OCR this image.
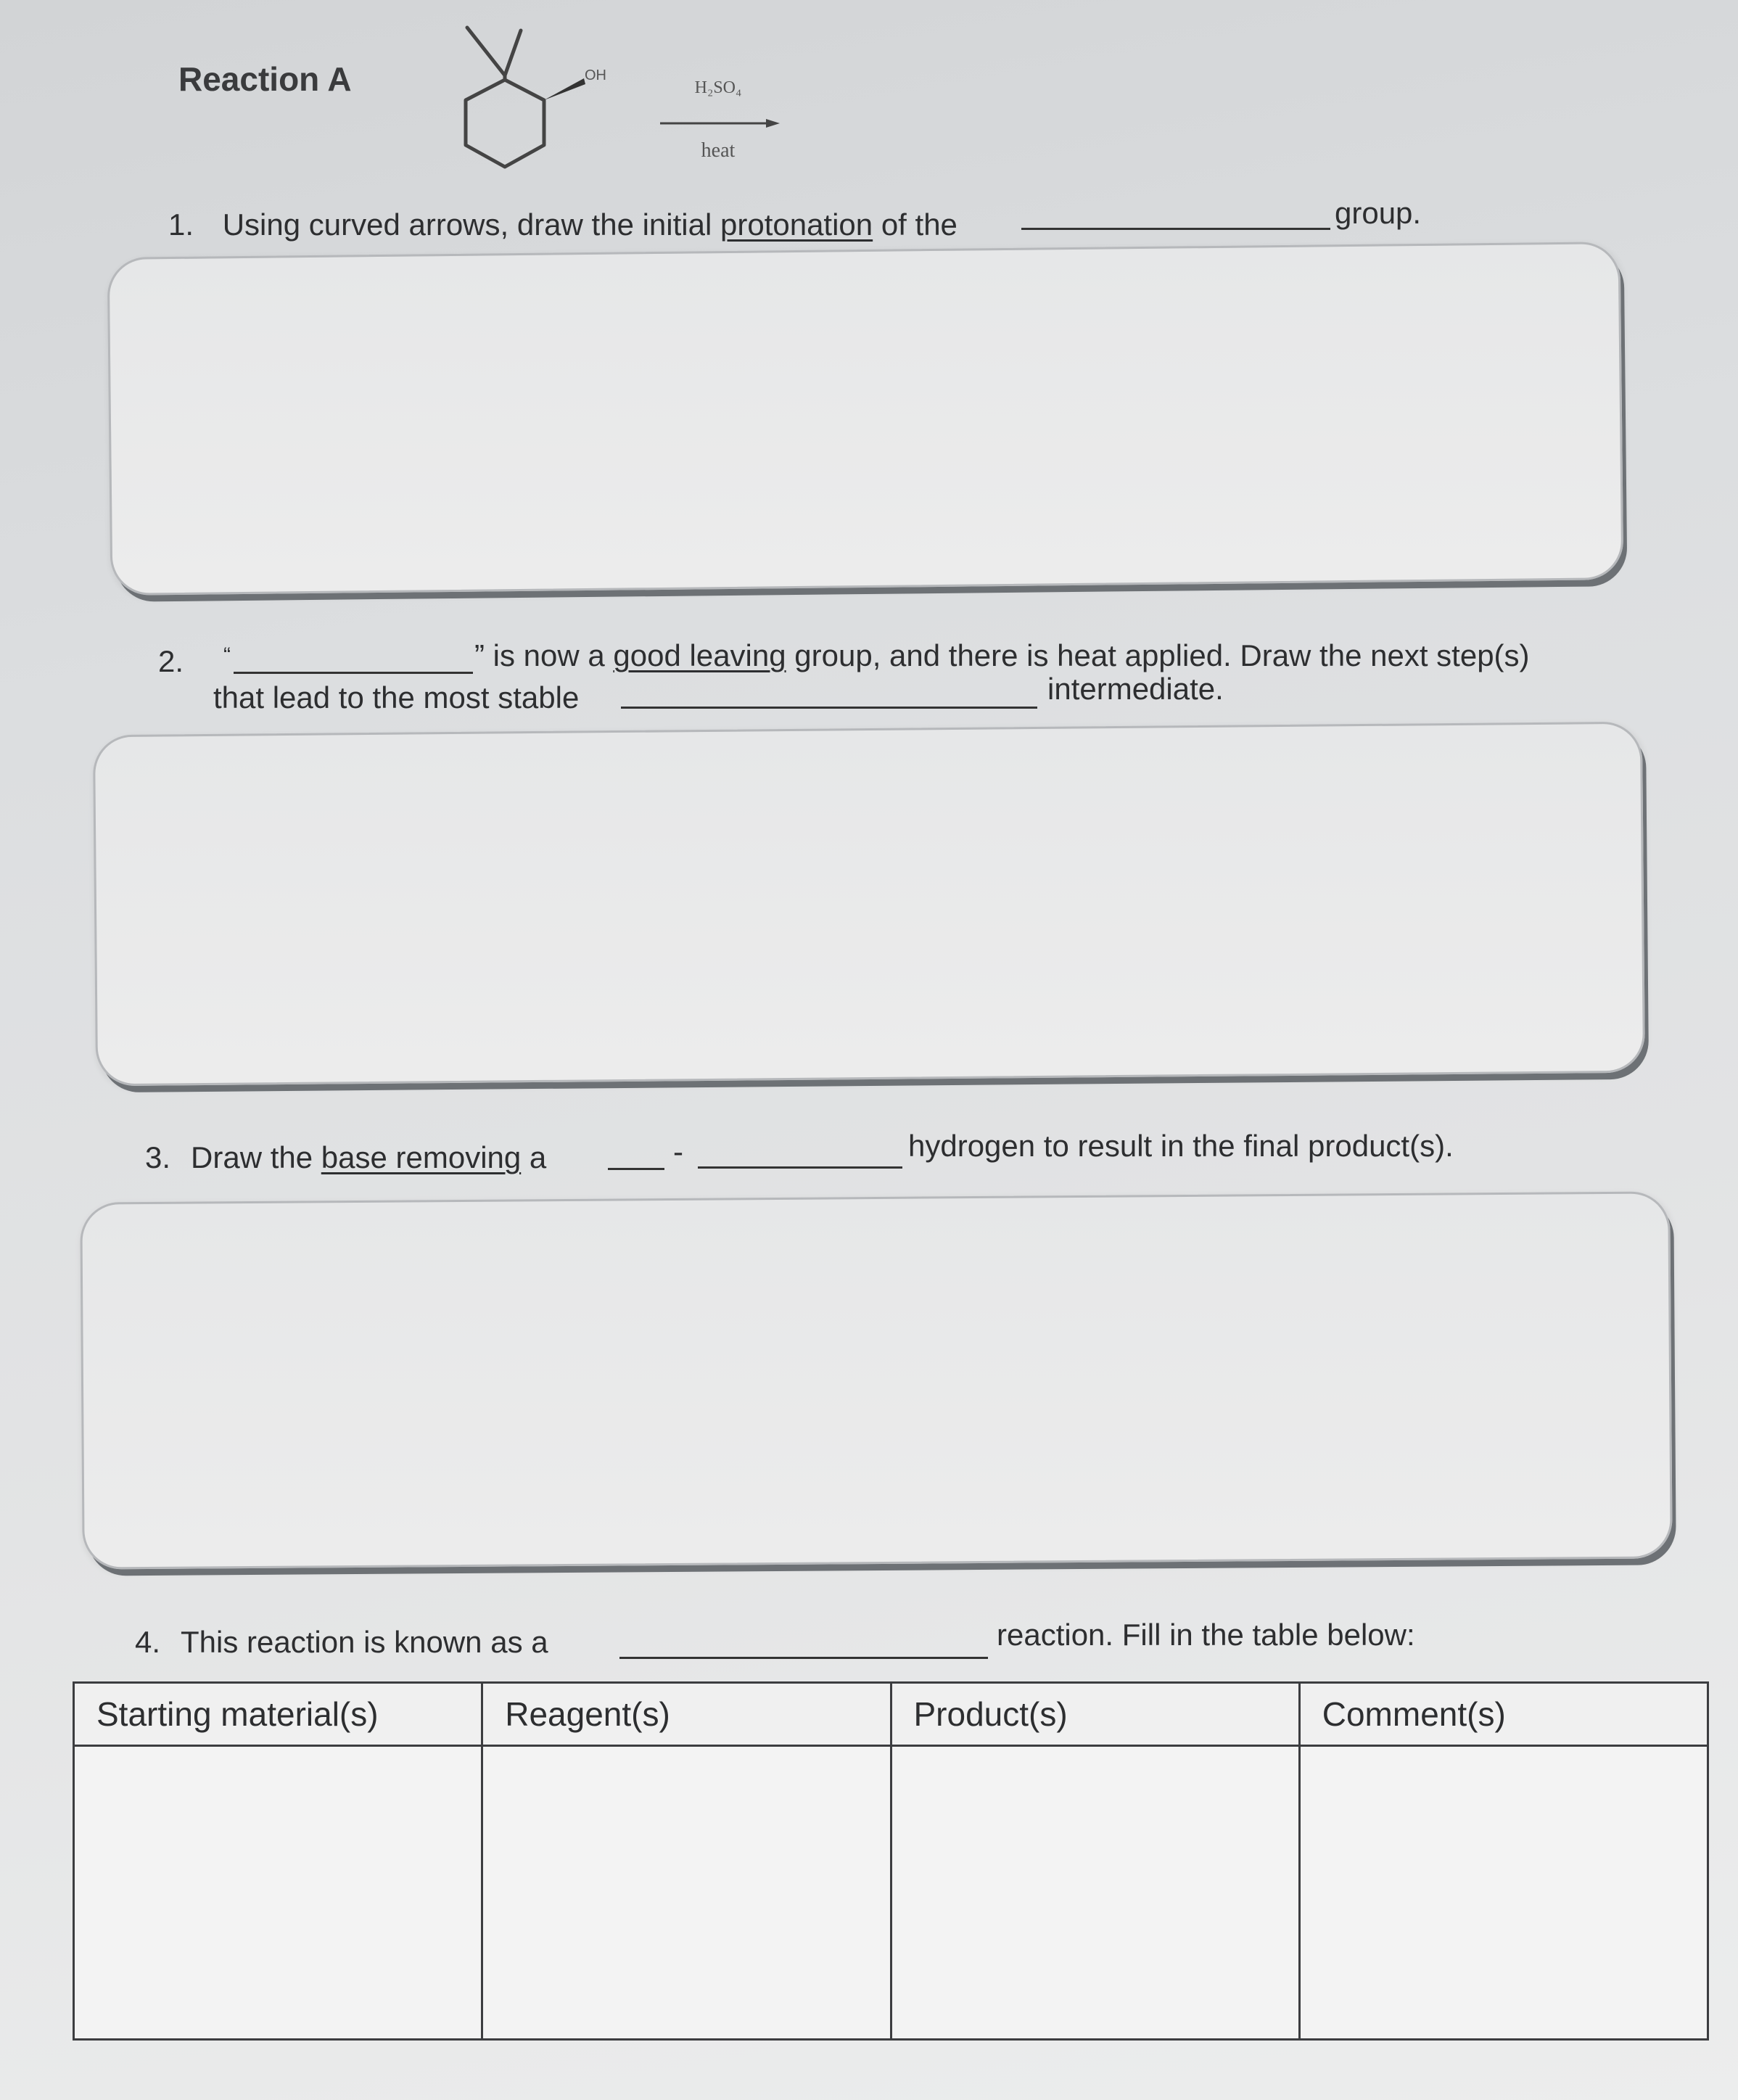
Reaction A	OH
H₂SO₄
heat
1. Using curved arrows, draw the initial protonation of the	group.
2. “	” is now a good leaving group, and there is heat applied. Draw the next step(s)
that lead to the most stable	intermediate.
3. Draw the base removing a	-	hydrogen to result in the final product(s).
4. This reaction is known as a	reaction. Fill in the table below:
Starting material(s)	Reagent(s)	Product(s)	Comment(s)
